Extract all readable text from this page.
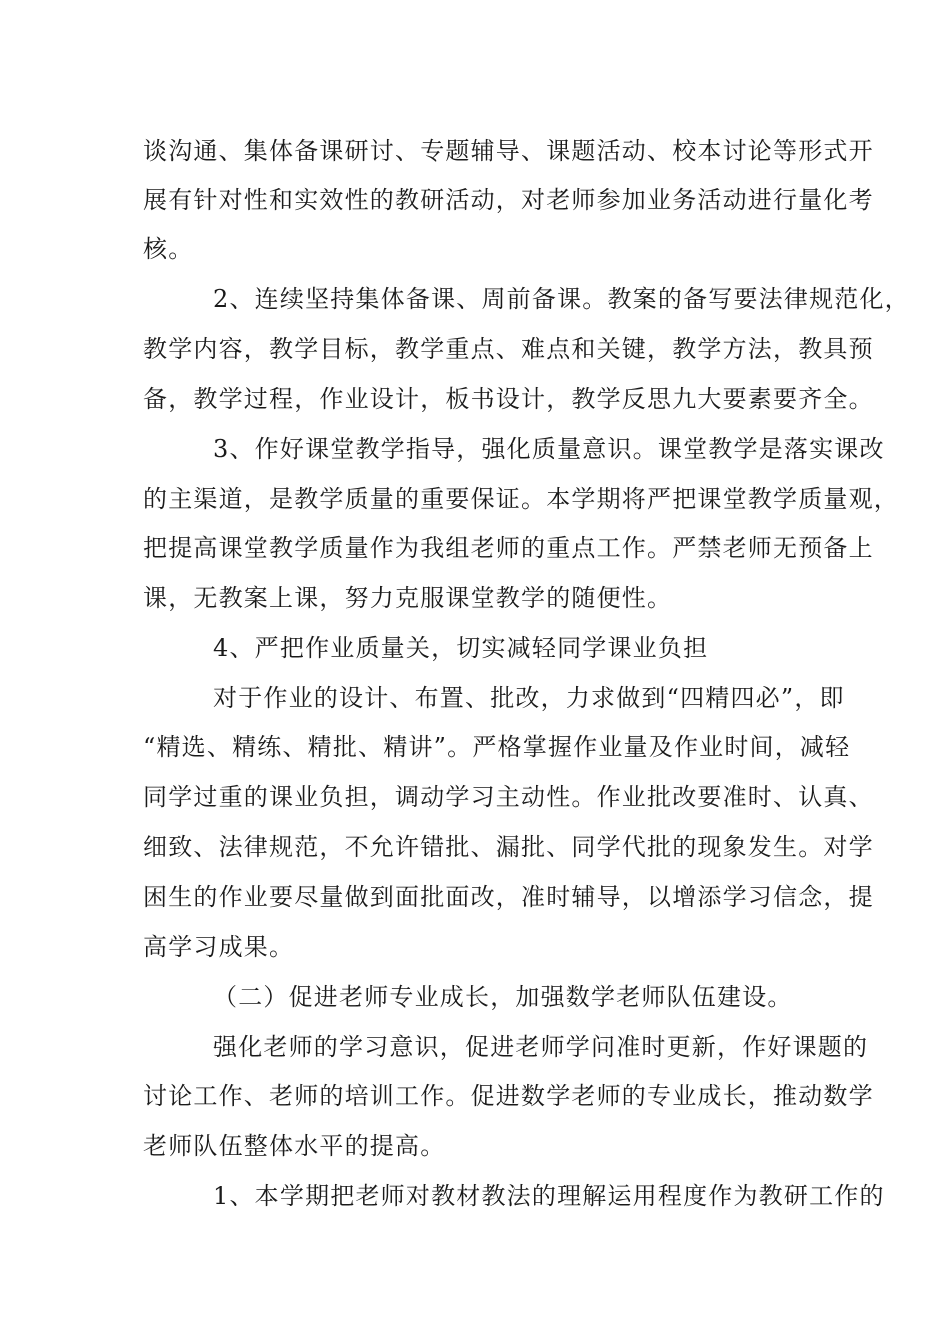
谈沟通、集体备课研讨、专题辅导、课题活动、校本讨论等形式开
展有针对性和实效性的教研活动，对老师参加业务活动进行量化考
核。
2、连续坚持集体备课、周前备课。教案的备写要法律规范化，
教学内容，教学目标，教学重点、难点和关键，教学方法，教具预
备，教学过程，作业设计，板书设计，教学反思九大要素要齐全。
3、作好课堂教学指导，强化质量意识。课堂教学是落实课改
的主渠道，是教学质量的重要保证。本学期将严把课堂教学质量观，
把提高课堂教学质量作为我组老师的重点工作。严禁老师无预备上
课，无教案上课，努力克服课堂教学的随便性。
4、严把作业质量关，切实减轻同学课业负担
对于作业的设计、布置、批改，力求做到“四精四必”，即
“精选、精练、精批、精讲”。严格掌握作业量及作业时间，减轻
同学过重的课业负担，调动学习主动性。作业批改要准时、认真、
细致、法律规范，不允许错批、漏批、同学代批的现象发生。对学
困生的作业要尽量做到面批面改，准时辅导，以增添学习信念，提
高学习成果。
（二）促进老师专业成长，加强数学老师队伍建设。
强化老师的学习意识，促进老师学问准时更新，作好课题的
讨论工作、老师的培训工作。促进数学老师的专业成长，推动数学
老师队伍整体水平的提高。
1、本学期把老师对教材教法的理解运用程度作为教研工作的
